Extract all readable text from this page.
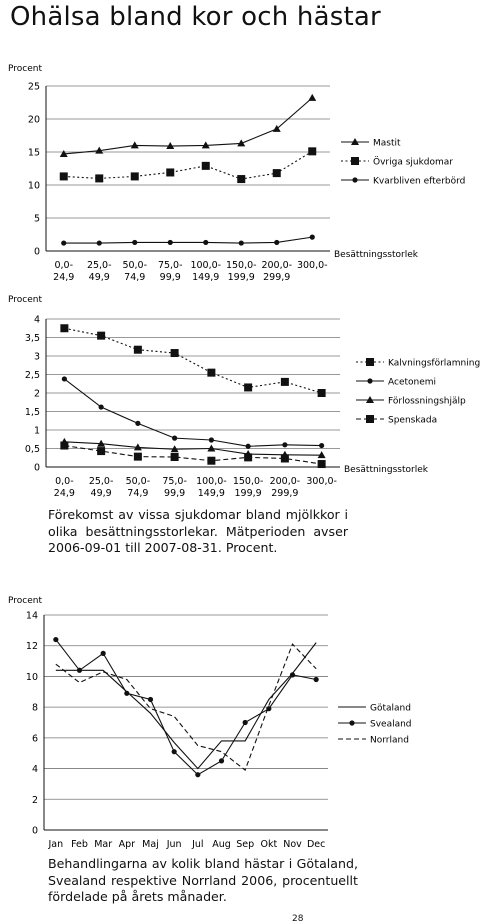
Ohälsa bland kor och hästar
Procent
0
5
10
15
20
25
0,0-
24,9
25,0-
49,9
50,0-
74,9
75,0-
99,9
100,0-
149,9
150,0-
199,9
200,0-
299,9
300,0-
Besättningsstorlek
Mastit
Övriga sjukdomar
Kvarbliven efterbörd
Procent
0
0,5
1
1,5
2
2,5
3
3,5
4
0,0-
24,9
25,0-
49,9
50,0-
74,9
75,0-
99,9
100,0-
149,9
150,0-
199,9
200,0-
299,9
300,0-
Besättningsstorlek
Kalvningsförlamning
Acetonemi
Förlossningshjälp
Spenskada
Förekomst av vissa sjukdomar bland mjölkkor i olika besättningsstorlekar. Mätperioden avser 2006-09-01 till 2007-08-31. Procent.
Procent
0
2
4
6
8
10
12
14
Jan Feb Mar Apr Maj Jun Jul Aug Sep Okt Nov Dec
Götaland
Svealand
Norrland
Behandlingarna av kolik bland hästar i Götaland, Svealand respektive Norrland 2006, procentuellt fördelade på årets månader.
28
